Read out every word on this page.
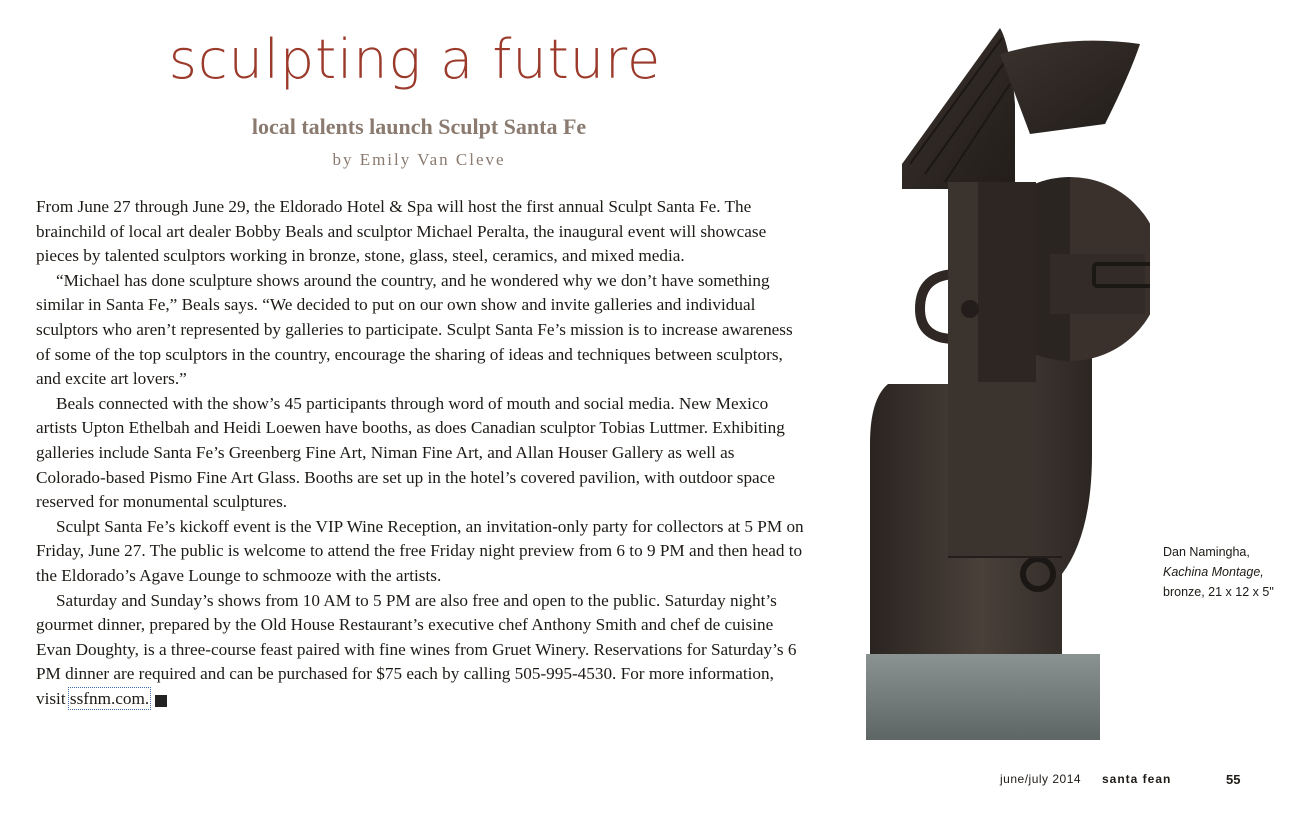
sculpting a future
local talents launch Sculpt Santa Fe
by Emily Van Cleve

From June 27 through June 29, the Eldorado Hotel & Spa will host the first annual Sculpt Santa Fe. The brainchild of local art dealer Bobby Beals and sculptor Michael Peralta, the inaugural event will showcase pieces by talented sculptors working in bronze, stone, glass, steel, ceramics, and mixed media.

“Michael has done sculpture shows around the country, and he wondered why we don’t have something similar in Santa Fe,” Beals says. “We decided to put on our own show and invite galleries and individual sculptors who aren’t represented by galleries to participate. Sculpt Santa Fe’s mission is to increase awareness of some of the top sculptors in the country, encourage the sharing of ideas and techniques between sculptors, and excite art lovers.”

Beals connected with the show’s 45 participants through word of mouth and social media. New Mexico artists Upton Ethelbah and Heidi Loewen have booths, as does Canadian sculptor Tobias Luttmer. Exhibiting galleries include Santa Fe’s Greenberg Fine Art, Niman Fine Art, and Allan Houser Gallery as well as Colorado-based Pismo Fine Art Glass. Booths are set up in the hotel’s covered pavilion, with outdoor space reserved for monumental sculptures.

Sculpt Santa Fe’s kickoff event is the VIP Wine Reception, an invitation-only party for collectors at 5 PM on Friday, June 27. The public is welcome to attend the free Friday night preview from 6 to 9 PM and then head to the Eldorado’s Agave Lounge to schmooze with the artists.

Saturday and Sunday’s shows from 10 AM to 5 PM are also free and open to the public. Saturday night’s gourmet dinner, prepared by the Old House Restaurant’s executive chef Anthony Smith and chef de cuisine Evan Doughty, is a three-course feast paired with fine wines from Gruet Winery. Reservations for Saturday’s 6 PM dinner are required and can be purchased for $75 each by calling 505-995-4530. For more information, visit ssfnm.com.	sf

Dan Namingha,
Kachina Montage,
bronze, 21 x 12 x 5"
june/july 2014 santa fean	55
